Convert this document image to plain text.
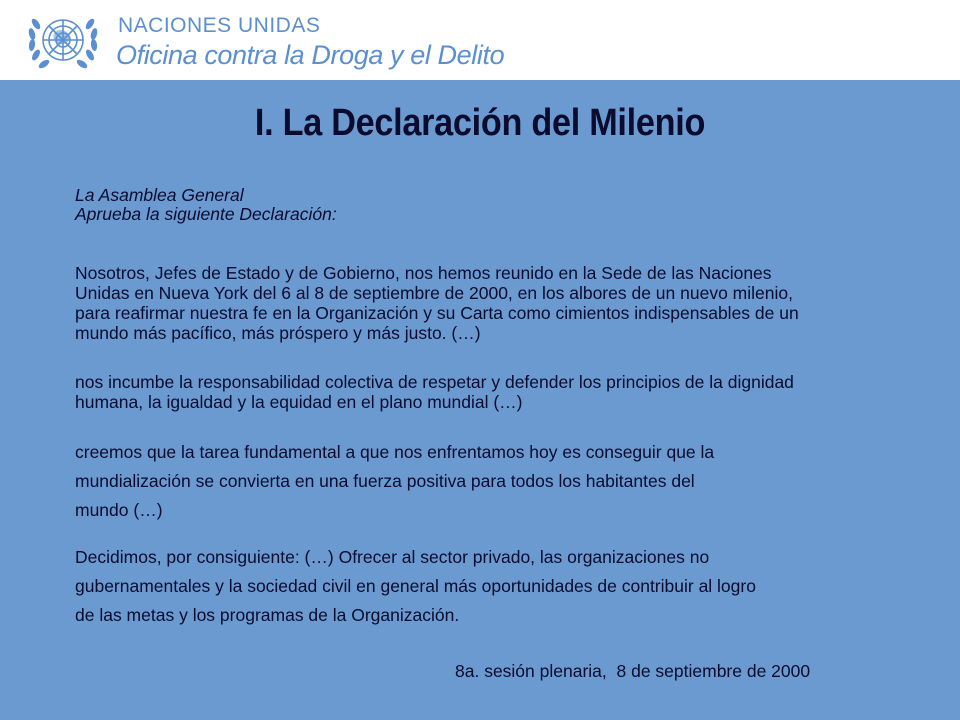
NACIONES UNIDAS
Oficina contra la Droga y el Delito
I. La Declaración del Milenio
La Asamblea General
Aprueba la siguiente Declaración:
Nosotros, Jefes de Estado y de Gobierno, nos hemos reunido en la Sede de las Naciones
Unidas en Nueva York del 6 al 8 de septiembre de 2000, en los albores de un nuevo milenio,
para reafirmar nuestra fe en la Organización y su Carta como cimientos indispensables de un
mundo más pacífico, más próspero y más justo. (…)
nos incumbe la responsabilidad colectiva de respetar y defender los principios de la dignidad
humana, la igualdad y la equidad en el plano mundial (…)
creemos que la tarea fundamental a que nos enfrentamos hoy es conseguir que la
mundialización se convierta en una fuerza positiva para todos los habitantes del
mundo (…)
Decidimos, por consiguiente: (…) Ofrecer al sector privado, las organizaciones no
gubernamentales y la sociedad civil en general más oportunidades de contribuir al logro
de las metas y los programas de la Organización.
8a. sesión plenaria,  8 de septiembre de 2000
